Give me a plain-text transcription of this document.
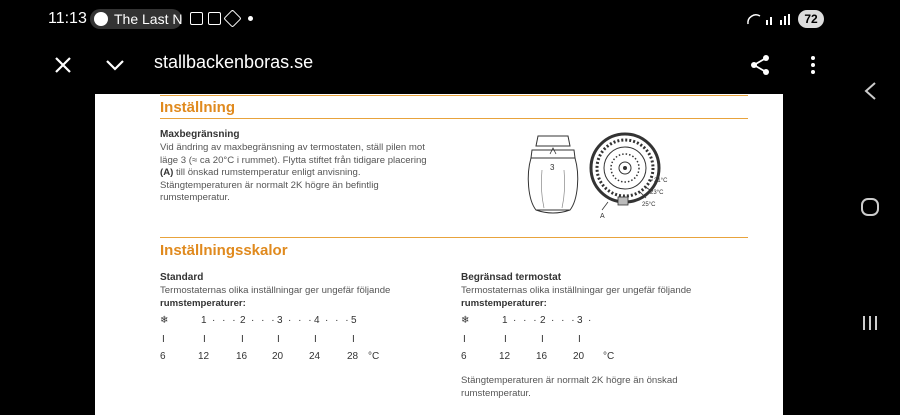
11:13 The Last N	72
stallbackenboras.se
Inställning
Maxbegränsning
Vid ändring av maxbegränsning av termostaten, ställ pilen mot
läge 3 (≈ ca 20°C i rummet). Flytta stiftet från tidigare placering
(A) till önskad rumstemperatur enligt anvisning.
Stängtemperaturen är normalt 2K högre än befintlig
rumstemperatur.
3
21°C
23°C
25°C
A
Inställningsskalor
Standard
Termostaternas olika inställningar ger ungefär följande
rumstemperaturer:
❄	1 · · · 2 · · · 3 · · · 4 · · · 5
I	I	I	I	I	I
6	12	16 20	24	28 °C
Begränsad termostat
Termostaternas olika inställningar ger ungefär följande
rumstemperaturer:
❄	1 · · · 2 · · · 3 ·
I	I	I	I
6	12	16	20 °C
Stängtemperaturen är normalt 2K högre än önskad
rumstemperatur.
